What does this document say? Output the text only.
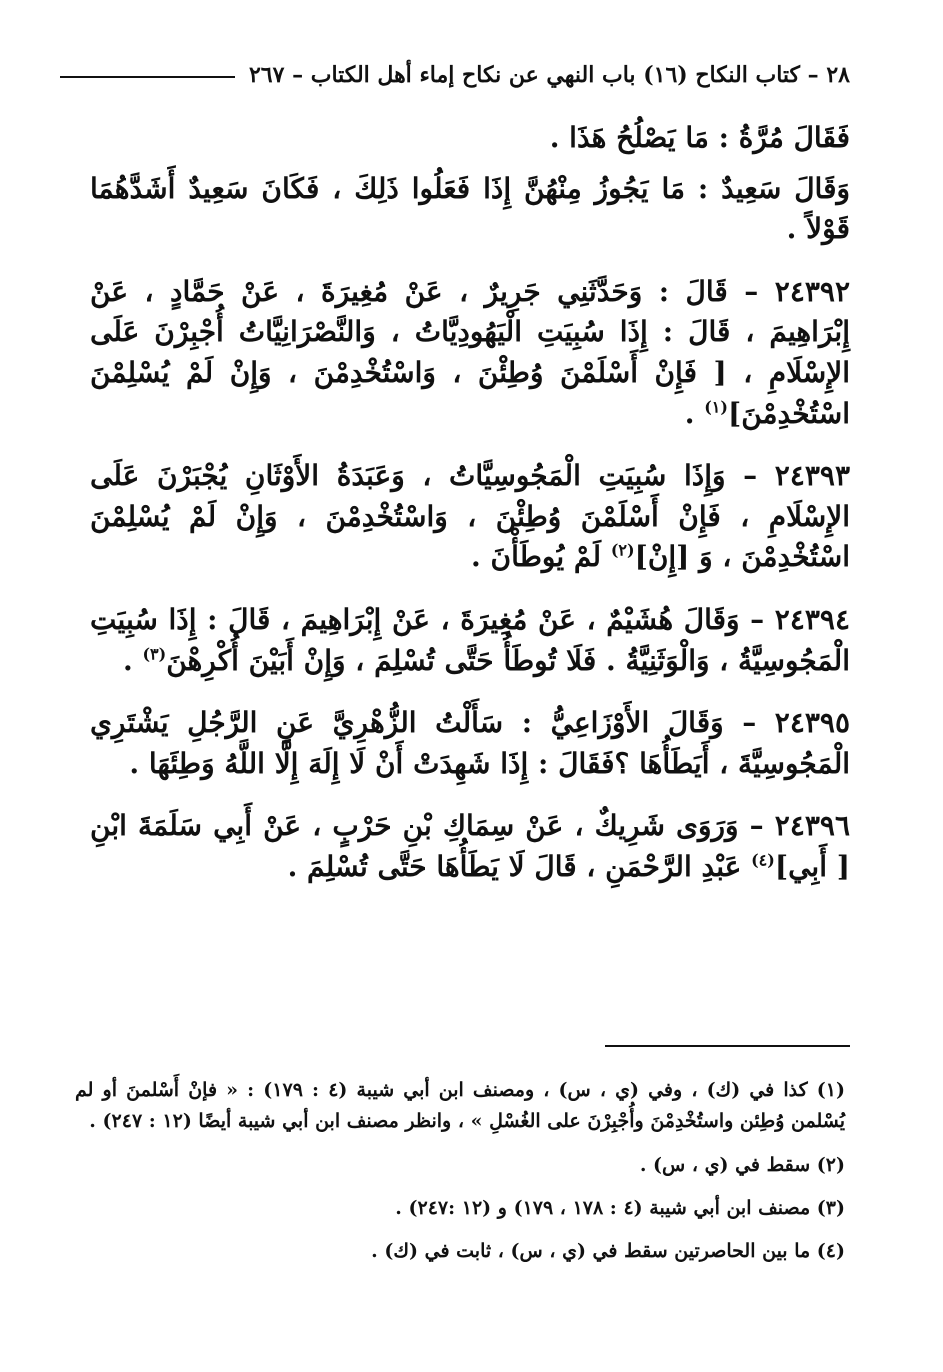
٢٨ – كتاب النكاح (١٦) باب النهي عن نكاح إماء أهل الكتاب – ٢٦٧

فَقَالَ مُرَّةُ : مَا يَصْلُحُ هَذَا .

وَقَالَ سَعِيدٌ : مَا يَجُوزُ مِنْهُنَّ إِذَا فَعَلُوا ذَلِكَ ، فَكَانَ سَعِيدٌ أَشَدَّهُمَا قَوْلاً .

٢٤٣٩٢ – قَالَ : وَحَدَّثَنِي جَرِيرٌ ، عَنْ مُغِيرَةَ ، عَنْ حَمَّادٍ ، عَنْ إِبْرَاهِيمَ ، قَالَ : إِذَا سُبِيَتِ الْيَهُودِيَّاتُ ، وَالنَّصْرَانِيَّاتُ أُجْبِرْنَ عَلَى الإِسْلَامِ ، [ فَإِنْ أَسْلَمْنَ وُطِئْنَ ، وَاسْتُخْدِمْنَ ، وَإِنْ لَمْ يُسْلِمْنَ اسْتُخْدِمْنَ]$^{(١)}$ .

٢٤٣٩٣ – وَإِذَا سُبِيَتِ الْمَجُوسِيَّاتُ ، وَعَبَدَةُ الأَوْثَانِ يُجْبَرْنَ عَلَى الإِسْلَامِ ، فَإِنْ أَسْلَمْنَ وُطِئْنَ ، وَاسْتُخْدِمْنَ ، وَإِنْ لَمْ يُسْلِمْنَ اسْتُخْدِمْنَ ، وَ [إِنْ]$^{(٢)}$ لَمْ يُوطَأْنَ .

٢٤٣٩٤ – وَقَالَ هُشَيْمٌ ، عَنْ مُغِيرَةَ ، عَنْ إِبْرَاهِيمَ ، قَالَ : إِذَا سُبِيَتِ الْمَجُوسِيَّةُ ، وَالْوَثَنِيَّةُ . فَلَا تُوطَأُ حَتَّى تُسْلِمَ ، وَإِنْ أَبَيْنَ أُكْرِهْنَ$^{(٣)}$ .

٢٤٣٩٥ – وَقَالَ الأَوْزَاعِيُّ : سَأَلْتُ الزُّهْرِيَّ عَنِ الرَّجُلِ يَشْتَرِي الْمَجُوسِيَّةَ ، أَيَطَأُهَا ؟فَقَالَ : إِذَا شَهِدَتْ أَنْ لَا إِلَهَ إِلَّا اللَّهُ وَطِئَهَا .

٢٤٣٩٦ – وَرَوَى شَرِيكٌ ، عَنْ سِمَاكِ بْنِ حَرْبٍ ، عَنْ أَبِي سَلَمَةَ ابْنِ [ أَبِي]$^{(٤)}$ عَبْدِ الرَّحْمَنِ ، قَالَ لَا يَطَأُهَا حَتَّى تُسْلِمَ .

(١) كذا في (ك) ، وفي (ي ، س) ، ومصنف ابن أبي شيبة (٤ : ١٧٩) : « فإنْ أَسْلمنَ أو لم يُسْلمن وُطِئن واستُخْدِمْنَ وأُجْبِرْنَ على الغُسْلِ » ، وانظر مصنف ابن أبي شيبة أيضًا (١٢ : ٢٤٧) .

(٢) سقط في (ي ، س) .

(٣) مصنف ابن أبي شيبة (٤ : ١٧٨ ، ١٧٩) و (١٢ :٢٤٧) .

(٤) ما بين الحاصرتين سقط في (ي ، س) ، ثابت في (ك) .
